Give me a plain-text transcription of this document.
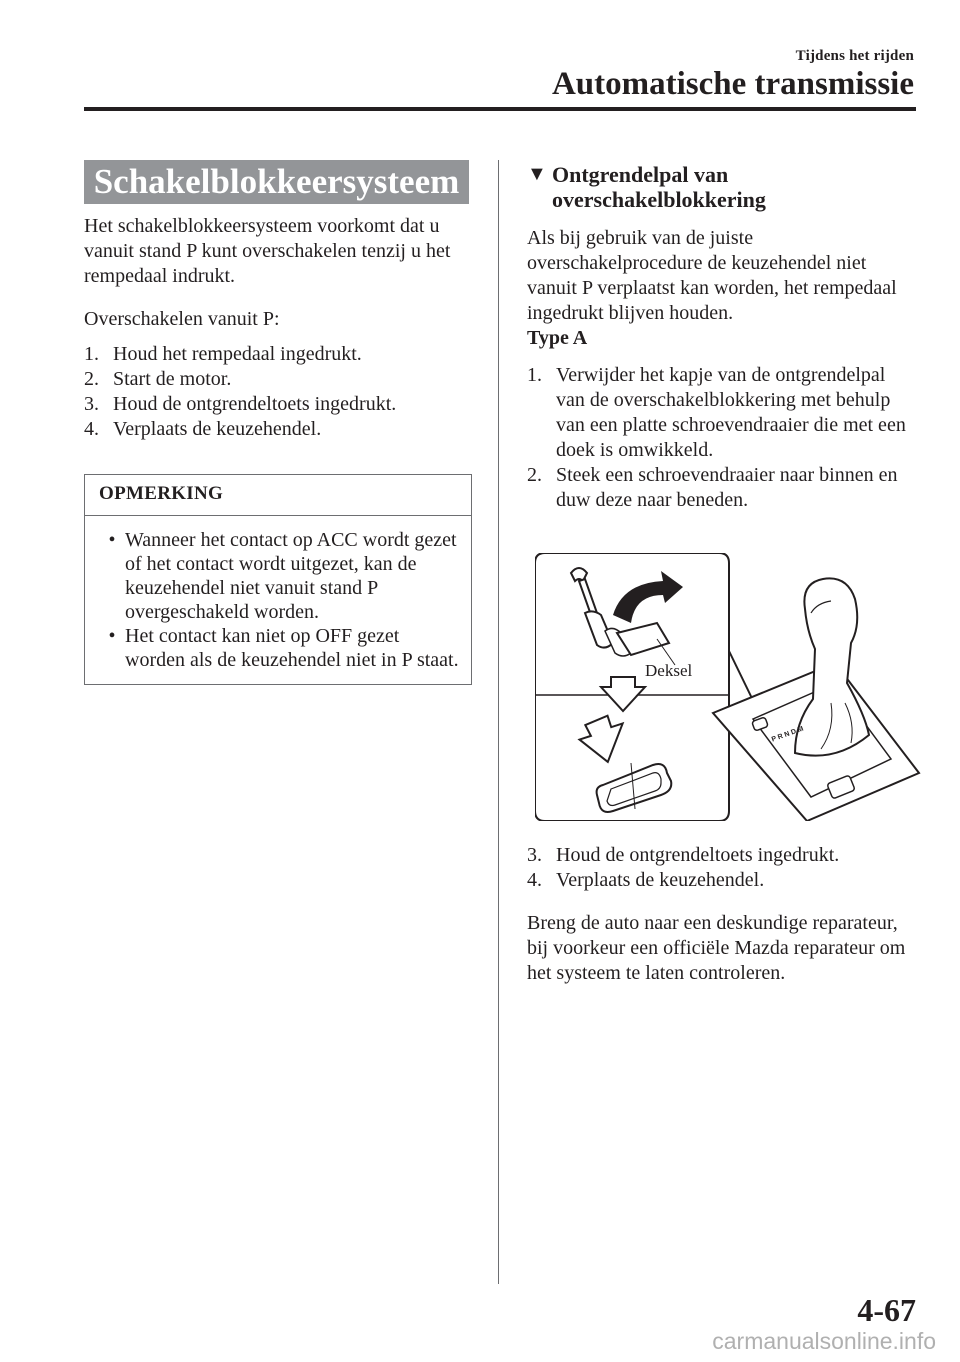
Tijdens het rijden
Automatische transmissie
Schakelblokkeersysteem

Het schakelblokkeersysteem voorkomt dat u vanuit stand P kunt overschakelen tenzij u het rempedaal indrukt.

Overschakelen vanuit P:

1. Houd het rempedaal ingedrukt.
2. Start de motor.
3. Houd de ontgrendeltoets ingedrukt.
4. Verplaats de keuzehendel.
OPMERKING
• Wanneer het contact op ACC wordt gezet of het contact wordt uitgezet, kan de keuzehendel niet vanuit stand P overgeschakeld worden.
• Het contact kan niet op OFF gezet worden als de keuzehendel niet in P staat.
▼ Ontgrendelpal van overschakelblokkering

Als bij gebruik van de juiste overschakelprocedure de keuzehendel niet vanuit P verplaatst kan worden, het rempedaal ingedrukt blijven houden.

Type A
1. Verwijder het kapje van de ontgrendelpal van de overschakelblokkering met behulp van een platte schroevendraaier die met een doek is omwikkeld.
2. Steek een schroevendraaier naar binnen en duw deze naar beneden.
Deksel
P R N D M
3. Houd de ontgrendeltoets ingedrukt.
4. Verplaats de keuzehendel.

Breng de auto naar een deskundige reparateur, bij voorkeur een officiële Mazda reparateur om het systeem te laten controleren.

4-67
carmanualsonline.info
